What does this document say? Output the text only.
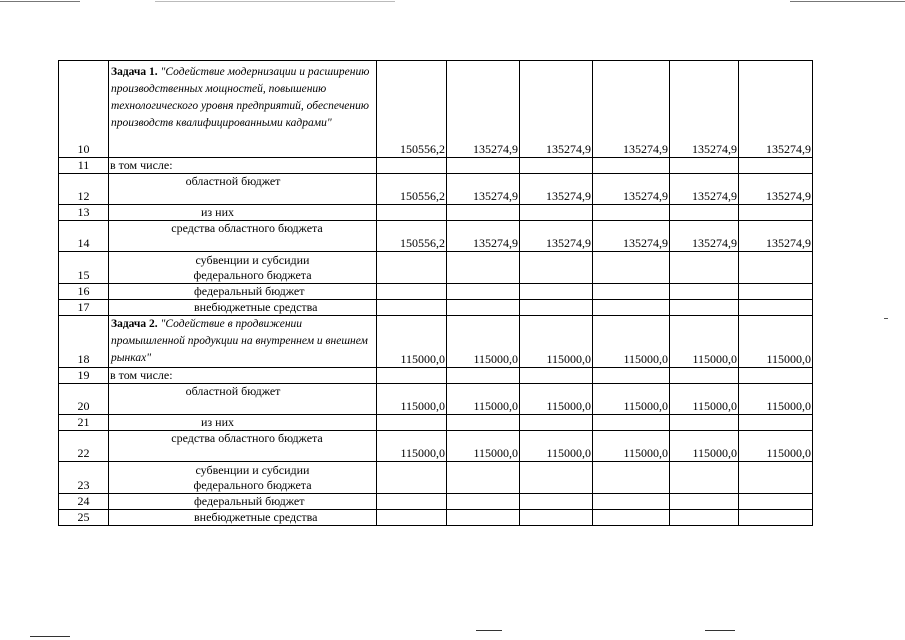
10	Задача 1. "Содействие модернизации и расширению производственных мощностей, повышению технологического уровня предприятий, обеспечению производств квалифицированными кадрами"	150556,2	135274,9	135274,9	135274,9	135274,9	135274,9
11	в том числе:						
12	областной бюджет	150556,2	135274,9	135274,9	135274,9	135274,9	135274,9
13	из них						
14	средства областного бюджета	150556,2	135274,9	135274,9	135274,9	135274,9	135274,9
15	субвенции и субсидии федерального бюджета						
16	федеральный бюджет						
17	внебюджетные средства						
18	Задача 2. "Содействие в продвижении промышленной продукции на внутреннем и внешнем рынках"	115000,0	115000,0	115000,0	115000,0	115000,0	115000,0
19	в том числе:						
20	областной бюджет	115000,0	115000,0	115000,0	115000,0	115000,0	115000,0
21	из них						
22	средства областного бюджета	115000,0	115000,0	115000,0	115000,0	115000,0	115000,0
23	субвенции и субсидии федерального бюджета						
24	федеральный бюджет						
25	внебюджетные средства						
